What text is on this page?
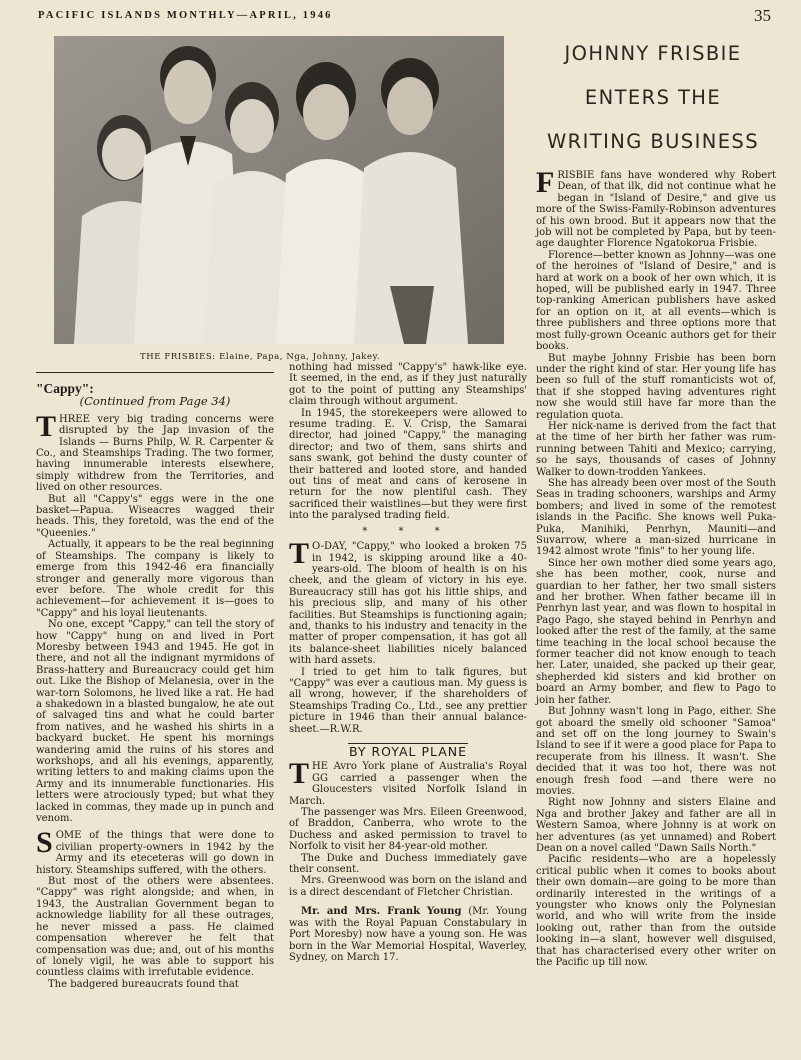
PACIFIC ISLANDS MONTHLY—APRIL, 1946	35
THE FRISBIES: Elaine, Papa, Nga, Johnny, Jakey.
JOHNNY FRISBIE
ENTERS THE
WRITING BUSINESS
"Cappy":
(Continued from Page 34)

THREE very big trading concerns were disrupted by the Jap invasion of the Islands — Burns Philp, W. R. Carpenter & Co., and Steamships Trading. The two former, having innumerable interests elsewhere, simply withdrew from the Territories, and lived on other resources.

But all "Cappy's" eggs were in the one basket—Papua. Wiseacres wagged their heads. This, they foretold, was the end of the "Queenies."

Actually, it appears to be the real beginning of Steamships. The company is likely to emerge from this 1942-46 era financially stronger and generally more vigorous than ever before. The whole credit for this achievement—for achievement it is—goes to "Cappy" and his loyal lieutenants.

No one, except "Cappy," can tell the story of how "Cappy" hung on and lived in Port Moresby between 1943 and 1945. He got in there, and not all the indignant myrmidons of Brass-hattery and Bureaucracy could get him out. Like the Bishop of Melanesia, over in the war-torn Solomons, he lived like a rat. He had a shakedown in a blasted bungalow, he ate out of salvaged tins and what he could barter from natives, and he washed his shirts in a backyard bucket. He spent his mornings wandering amid the ruins of his stores and workshops, and all his evenings, apparently, writing letters to and making claims upon the Army and its innumerable functionaries. His letters were atrociously typed; but what they lacked in commas, they made up in punch and venom.

SOME of the things that were done to civilian property-owners in 1942 by the Army and its eteceteras will go down in history. Steamships suffered, with the others.

But most of the others were absentees. "Cappy" was right alongside; and when, in 1943, the Australian Government began to acknowledge liability for all these outrages, he never missed a pass. He claimed compensation wherever he felt that compensation was due; and, out of his months of lonely vigil, he was able to support his countless claims with irrefutable evidence.

The badgered bureaucrats found that

nothing had missed "Cappy's" hawk-like eye. It seemed, in the end, as if they just naturally got to the point of putting any Steamships' claim through without argument.

In 1945, the storekeepers were allowed to resume trading. E. V. Crisp, the Samarai director, had joined "Cappy," the managing director; and two of them, sans shirts and sans swank, got behind the dusty counter of their battered and looted store, and handed out tins of meat and cans of kerosene in return for the now plentiful cash. They sacrificed their waistlines—but they were first into the paralysed trading field.

* * *

T O-DAY, "Cappy," who looked a broken 75 in 1942, is skipping around like a 40-years-old. The bloom of health is on his cheek, and the gleam of victory in his eye. Bureaucracy still has got his little ships, and his precious slip, and many of his other facilities. But Steamships is functioning again; and, thanks to his industry and tenacity in the matter of proper compensation, it has got all its balance-sheet liabilities nicely balanced with hard assets.

I tried to get him to talk figures, but "Cappy" was ever a cautious man. My guess is all wrong, however, if the shareholders of Steamships Trading Co., Ltd., see any prettier picture in 1946 than their annual balance-sheet.—R.W.R.

BY ROYAL PLANE

THE Avro York plane of Australia's Royal GG carried a passenger when the Gloucesters visited Norfolk Island in March.

The passenger was Mrs. Eileen Greenwood, of Braddon, Canberra, who wrote to the Duchess and asked permission to travel to Norfolk to visit her 84-year-old mother.

The Duke and Duchess immediately gave their consent.

Mrs. Greenwood was born on the island and is a direct descendant of Fletcher Christian.

Mr. and Mrs. Frank Young (Mr. Young was with the Royal Papuan Constabulary in Port Moresby) now have a young son. He was born in the War Memorial Hospital, Waverley, Sydney, on March 17.

FRISBIE fans have wondered why Robert Dean, of that ilk, did not continue what he began in "Island of Desire," and give us more of the Swiss-Family-Robinson adventures of his own brood. But it appears now that the job will not be completed by Papa, but by teen-age daughter Florence Ngatokorua Frisbie.

Florence—better known as Johnny—was one of the heroines of "Island of Desire," and is hard at work on a book of her own which, it is hoped, will be published early in 1947. Three top-ranking American publishers have asked for an option on it, at all events—which is three publishers and three options more that most fully-grown Oceanic authors get for their books.

But maybe Johnny Frisbie has been born under the right kind of star. Her young life has been so full of the stuff romanticists wot of, that if she stopped having adventures right now she would still have far more than the regulation quota.

Her nick-name is derived from the fact that at the time of her birth her father was rum-running between Tahiti and Mexico; carrying, so he says, thousands of cases of Johnny Walker to down-trodden Yankees.

She has already been over most of the South Seas in trading schooners, warships and Army bombers; and lived in some of the remotest islands in the Pacific. She knows well Puka-Puka, Manihiki, Penrhyn, Mauniti—and Suvarrow, where a man-sized hurricane in 1942 almost wrote "finis" to her young life.

Since her own mother died some years ago, she has been mother, cook, nurse and guardian to her father, her two small sisters and her brother. When father became ill in Penrhyn last year, and was flown to hospital in Pago Pago, she stayed behind in Penrhyn and looked after the rest of the family, at the same time teaching in the local school because the former teacher did not know enough to teach her. Later, unaided, she packed up their gear, shepherded kid sisters and kid brother on board an Army bomber, and flew to Pago to join her father.

But Johnny wasn't long in Pago, either. She got aboard the smelly old schooner "Samoa" and set off on the long journey to Swain's Island to see if it were a good place for Papa to recuperate from his illness. It wasn't. She decided that it was too hot, there was not enough fresh food —and there were no movies.

Right now Johnny and sisters Elaine and Nga and brother Jakey and father are all in Western Samoa, where Johnny is at work on her adventures (as yet unnamed) and Robert Dean on a novel called "Dawn Sails North."

Pacific residents—who are a hopelessly critical public when it comes to books about their own domain—are going to be more than ordinarily interested in the writings of a youngster who knows only the Polynesian world, and who will write from the inside looking out, rather than from the outside looking in—a slant, however well disguised, that has characterised every other writer on the Pacific up till now.
